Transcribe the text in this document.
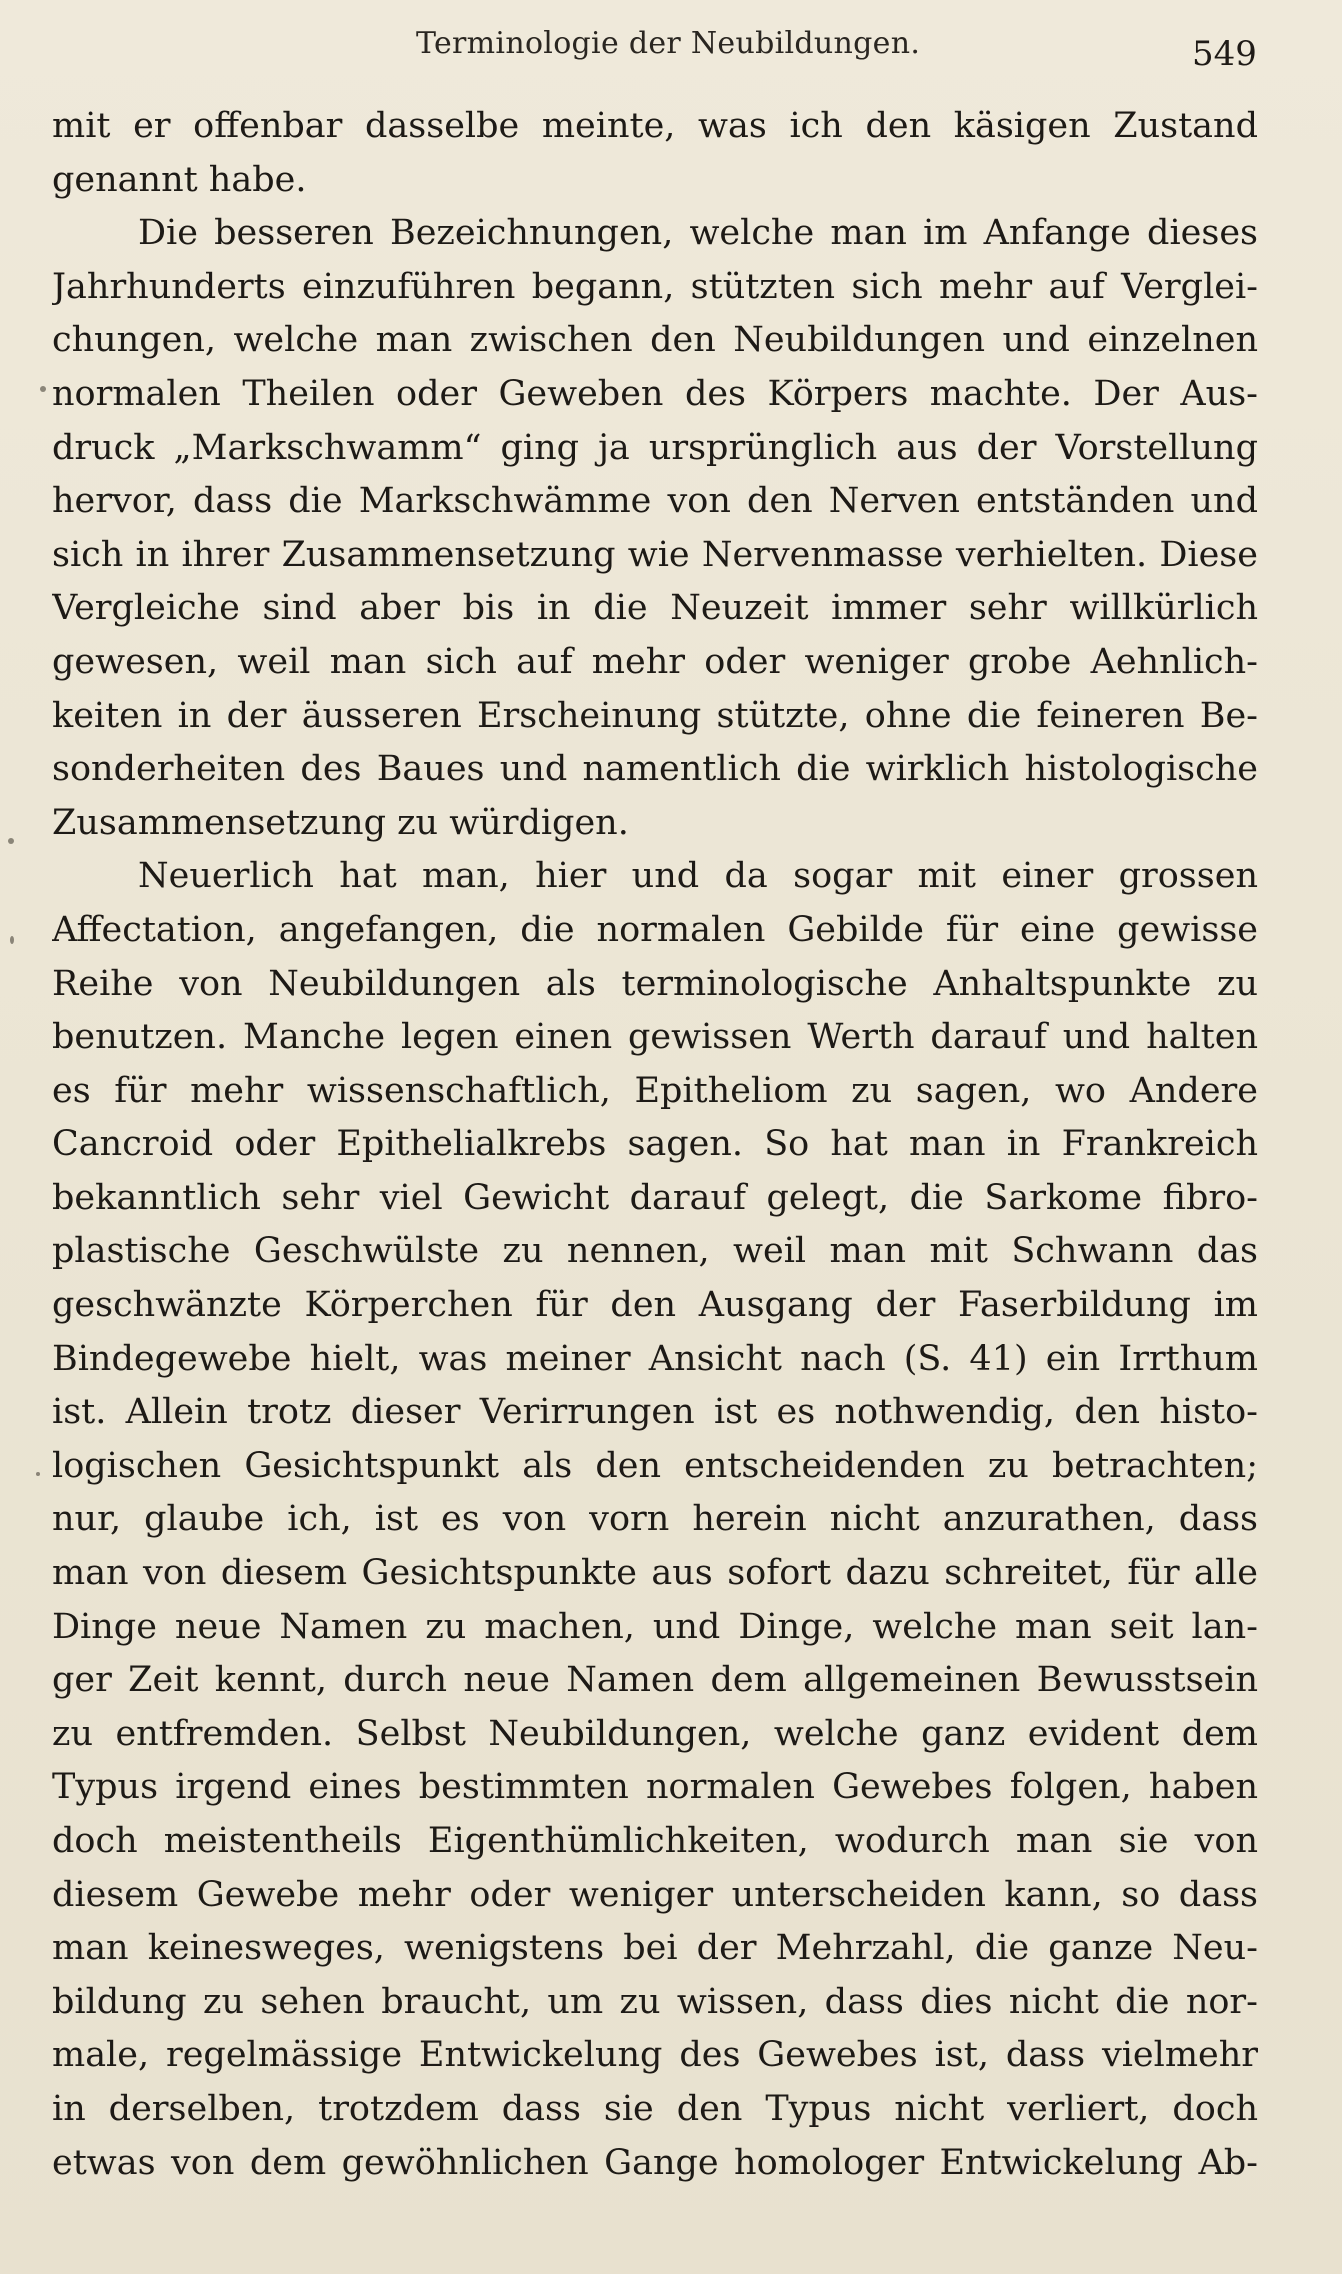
Terminologie der Neubildungen.	549
mit er offenbar dasselbe meinte, was ich den käsigen Zustand
genannt habe.
Die besseren Bezeichnungen, welche man im Anfange dieses
Jahrhunderts einzuführen begann, stützten sich mehr auf Verglei-
chungen, welche man zwischen den Neubildungen und einzelnen
normalen Theilen oder Geweben des Körpers machte. Der Aus-
druck „Markschwamm“ ging ja ursprünglich aus der Vorstellung
hervor, dass die Markschwämme von den Nerven entständen und
sich in ihrer Zusammensetzung wie Nervenmasse verhielten. Diese
Vergleiche sind aber bis in die Neuzeit immer sehr willkürlich
gewesen, weil man sich auf mehr oder weniger grobe Aehnlich-
keiten in der äusseren Erscheinung stützte, ohne die feineren Be-
sonderheiten des Baues und namentlich die wirklich histologische
Zusammensetzung zu würdigen.
Neuerlich hat man, hier und da sogar mit einer grossen
Affectation, angefangen, die normalen Gebilde für eine gewisse
Reihe von Neubildungen als terminologische Anhaltspunkte zu
benutzen. Manche legen einen gewissen Werth darauf und halten
es für mehr wissenschaftlich, Epitheliom zu sagen, wo Andere
Cancroid oder Epithelialkrebs sagen. So hat man in Frankreich
bekanntlich sehr viel Gewicht darauf gelegt, die Sarkome fibro-
plastische Geschwülste zu nennen, weil man mit Schwann das
geschwänzte Körperchen für den Ausgang der Faserbildung im
Bindegewebe hielt, was meiner Ansicht nach (S. 41) ein Irrthum
ist. Allein trotz dieser Verirrungen ist es nothwendig, den histo-
logischen Gesichtspunkt als den entscheidenden zu betrachten;
nur, glaube ich, ist es von vorn herein nicht anzurathen, dass
man von diesem Gesichtspunkte aus sofort dazu schreitet, für alle
Dinge neue Namen zu machen, und Dinge, welche man seit lan-
ger Zeit kennt, durch neue Namen dem allgemeinen Bewusstsein
zu entfremden. Selbst Neubildungen, welche ganz evident dem
Typus irgend eines bestimmten normalen Gewebes folgen, haben
doch meistentheils Eigenthümlichkeiten, wodurch man sie von
diesem Gewebe mehr oder weniger unterscheiden kann, so dass
man keinesweges, wenigstens bei der Mehrzahl, die ganze Neu-
bildung zu sehen braucht, um zu wissen, dass dies nicht die nor-
male, regelmässige Entwickelung des Gewebes ist, dass vielmehr
in derselben, trotzdem dass sie den Typus nicht verliert, doch
etwas von dem gewöhnlichen Gange homologer Entwickelung Ab-
